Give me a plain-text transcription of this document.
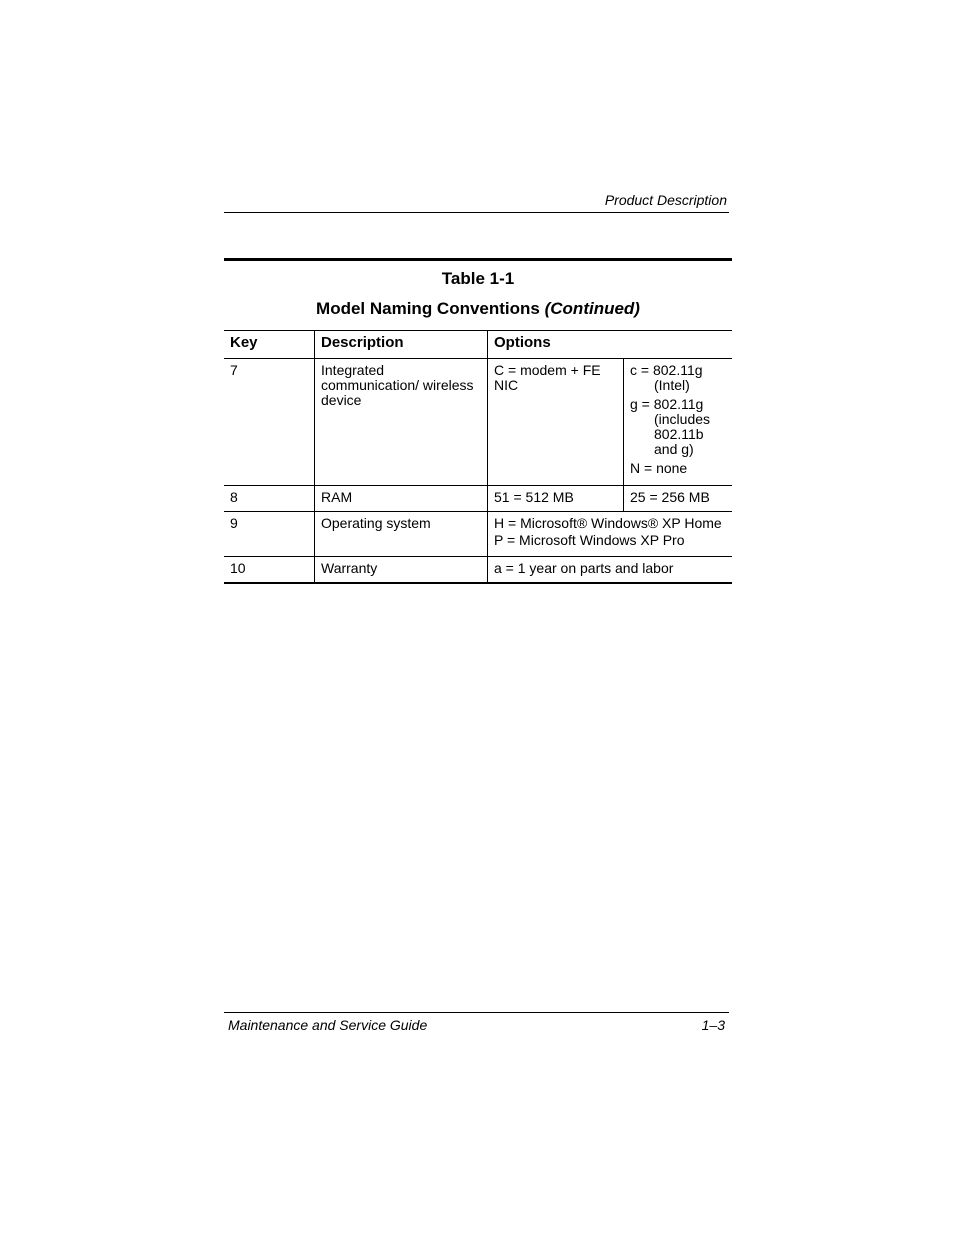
Product Description
Table 1-1
Model Naming Conventions (Continued)
Key	Description	Options	
7	Integrated communication/ wireless device	C = modem + FE NIC	c = 802.11g (Intel)

g = 802.11g (includes 802.11b and g)

N = none

8	RAM	51 = 512 MB	25 = 256 MB
9	Operating system	H = Microsoft® Windows® XP Home

P = Microsoft Windows XP Pro	

10	Warranty	a = 1 year on parts and labor	
Maintenance and Service Guide	1–3
